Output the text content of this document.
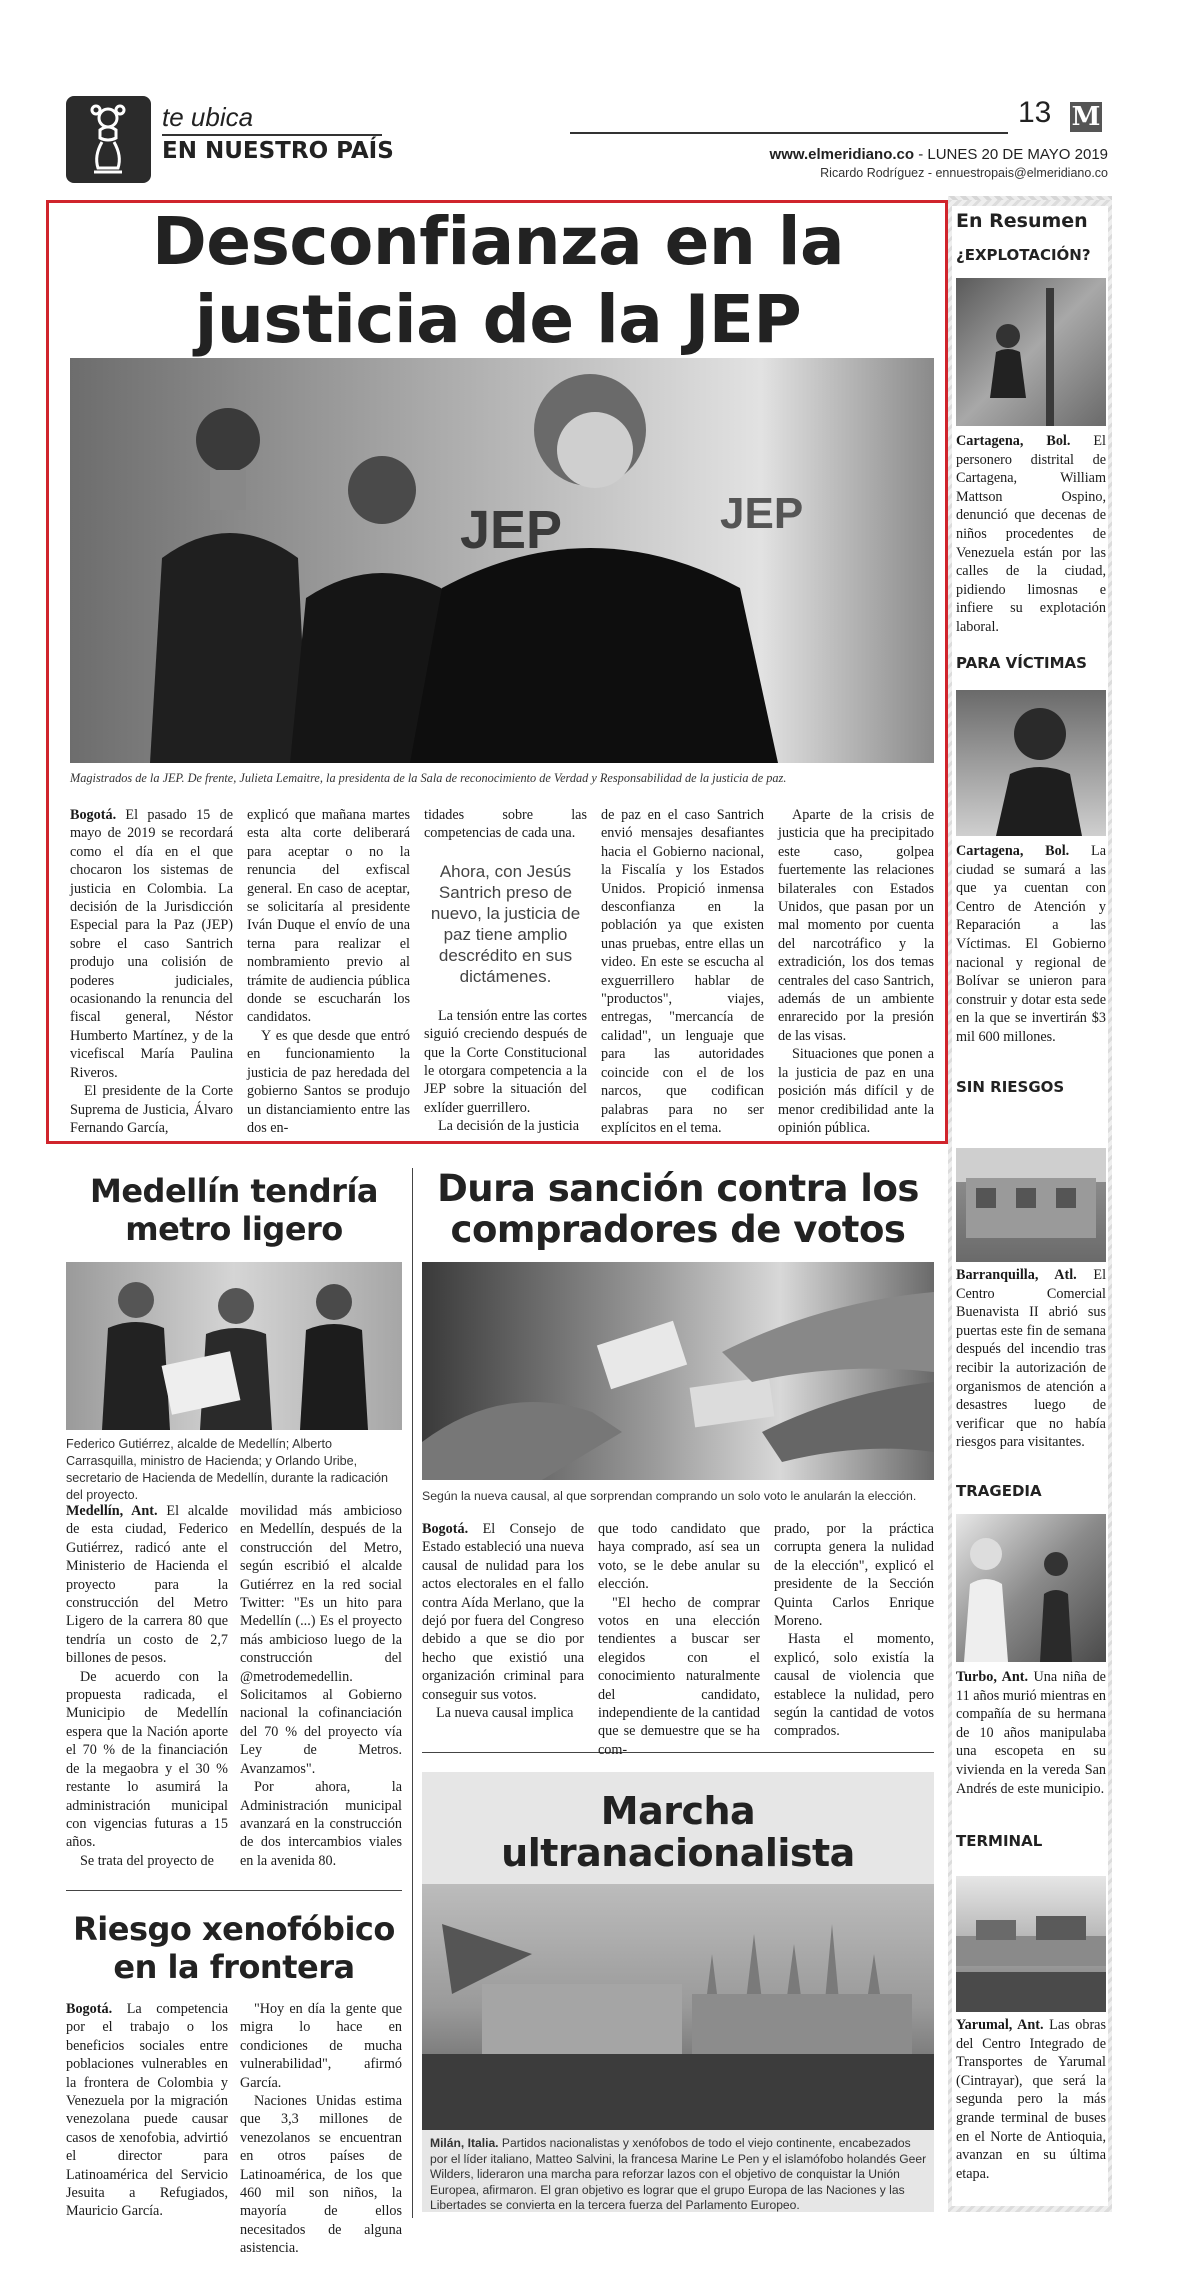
te ubica
EN NUESTRO PAÍS
13 M
www.elmeridiano.co - LUNES 20 DE MAYO 2019
Ricardo Rodríguez - ennuestropais@elmeridiano.co
Desconfianza en la
justicia de la JEP
JEP	JEP
Magistrados de la JEP. De frente, Julieta Lemaitre, la presidenta de la Sala de reconocimiento de Verdad y Responsabilidad de la justicia de paz.

Bogotá. El pasado 15 de mayo de 2019 se recordará como el día en el que chocaron los sistemas de justicia en Colombia. La decisión de la Jurisdicción Especial para la Paz (JEP) sobre el caso Santrich produjo una colisión de poderes judiciales, ocasionando la renuncia del fiscal general, Néstor Humberto Martínez, y de la vicefiscal María Paulina Riveros.

El presidente de la Corte Suprema de Justicia, Álvaro Fernando García,

explicó que mañana martes esta alta corte deliberará para aceptar o no la renuncia del exfiscal general. En caso de aceptar, se solicitaría al presidente Iván Duque el envío de una terna para realizar el nombramiento previo al trámite de audiencia pública donde se escucharán los candidatos.

Y es que desde que entró en funcionamiento la justicia de paz heredada del gobierno Santos se produjo un distanciamiento entre las dos en-

tidades sobre las competencias de cada una.

Ahora, con Jesús Santrich preso de nuevo, la justicia de paz tiene amplio descrédito en sus dictámenes.

La tensión entre las cortes siguió creciendo después de que la Corte Constitucional le otorgara competencia a la JEP sobre la situación del exlíder guerrillero.

La decisión de la justicia

de paz en el caso Santrich envió mensajes desafiantes hacia el Gobierno nacional, la Fiscalía y los Estados Unidos. Propició inmensa desconfianza en la población ya que existen unas pruebas, entre ellas un video. En este se escucha al exguerrillero hablar de "productos", viajes, entregas, "mercancía de calidad", un lenguaje que para las autoridades coincide con el de los narcos, que codifican palabras para no ser explícitos en el tema.

Aparte de la crisis de justicia que ha precipitado este caso, golpea fuertemente las relaciones bilaterales con Estados Unidos, que pasan por un mal momento por cuenta del narcotráfico y la extradición, los dos temas centrales del caso Santrich, además de un ambiente enrarecido por la presión de las visas.

Situaciones que ponen a la justicia de paz en una posición más difícil y de menor credibilidad ante la opinión pública.

Medellín tendría
metro ligero
Federico Gutiérrez, alcalde de Medellín; Alberto Carrasquilla, ministro de Hacienda; y Orlando Uribe, secretario de Hacienda de Medellín, durante la radicación del proyecto.

Medellín, Ant. El alcalde de esta ciudad, Federico Gutiérrez, radicó ante el Ministerio de Hacienda el proyecto para la construcción del Metro Ligero de la carrera 80 que tendría un costo de 2,7 billones de pesos.

De acuerdo con la propuesta radicada, el Municipio de Medellín espera que la Nación aporte el 70 % de la financiación de la megaobra y el 30 % restante lo asumirá la administración municipal con vigencias futuras a 15 años.

Se trata del proyecto de

movilidad más ambicioso en Medellín, después de la construcción del Metro, según escribió el alcalde Gutiérrez en la red social Twitter: "Es un hito para Medellín (...) Es el proyecto más ambicioso luego de la construcción del @metrodemedellin. Solicitamos al Gobierno nacional la cofinanciación del 70 % del proyecto vía Ley de Metros. Avanzamos".

Por ahora, la Administración municipal avanzará en la construcción de dos intercambios viales en la avenida 80.

Riesgo xenofóbico
en la frontera

Bogotá. La competencia por el trabajo o los beneficios sociales entre poblaciones vulnerables en la frontera de Colombia y Venezuela por la migración venezolana puede causar casos de xenofobia, advirtió el director para Latinoamérica del Servicio Jesuita a Refugiados, Mauricio García.

"Hoy en día la gente que migra lo hace en condiciones de mucha vulnerabilidad", afirmó García.

Naciones Unidas estima que 3,3 millones de venezolanos se encuentran en otros países de Latinoamérica, de los que 460 mil son niños, la mayoría de ellos necesitados de alguna asistencia.

Dura sanción contra los
compradores de votos
Según la nueva causal, al que sorprendan comprando un solo voto le anularán la elección.

Bogotá. El Consejo de Estado estableció una nueva causal de nulidad para los actos electorales en el fallo contra Aída Merlano, que la dejó por fuera del Congreso debido a que se dio por hecho que existió una organización criminal para conseguir sus votos.

La nueva causal implica

que todo candidato que haya comprado, así sea un voto, se le debe anular su elección.

"El hecho de comprar votos en una elección tendientes a buscar ser elegidos con el conocimiento naturalmente del candidato, independiente de la cantidad que se demuestre que se ha com-

prado, por la práctica corrupta genera la nulidad de la elección", explicó el presidente de la Sección Quinta Carlos Enrique Moreno.

Hasta el momento, explicó, solo existía la causal de violencia que establece la nulidad, pero según la cantidad de votos comprados.

Marcha
ultranacionalista
Milán, Italia. Partidos nacionalistas y xenófobos de todo el viejo continente, encabezados por el líder italiano, Matteo Salvini, la francesa Marine Le Pen y el islamófobo holandés Geer Wilders, lideraron una marcha para reforzar lazos con el objetivo de conquistar la Unión Europea, afirmaron. El gran objetivo es lograr que el grupo Europa de las Naciones y las Libertades se convierta en la tercera fuerza del Parlamento Europeo.
En Resumen
¿EXPLOTACIÓN?
Cartagena, Bol. El personero distrital de Cartagena, William Mattson Ospino, denunció que decenas de niños procedentes de Venezuela están por las calles de la ciudad, pidiendo limosnas e infiere su explotación laboral.
PARA VÍCTIMAS
Cartagena, Bol. La ciudad se sumará a las que ya cuentan con Centro de Atención y Reparación a las Víctimas. El Gobierno nacional y regional de Bolívar se unieron para construir y dotar esta sede en la que se invertirán $3 mil 600 millones.
SIN RIESGOS
Barranquilla, Atl. El Centro Comercial Buenavista II abrió sus puertas este fin de semana después del incendio tras recibir la autorización de organismos de atención a desastres luego de verificar que no había riesgos para visitantes.
TRAGEDIA
Turbo, Ant. Una niña de 11 años murió mientras en compañía de su hermana de 10 años manipulaba una escopeta en su vivienda en la vereda San Andrés de este municipio.
TERMINAL
Yarumal, Ant. Las obras del Centro Integrado de Transportes de Yarumal (Cintrayar), que será la segunda pero la más grande terminal de buses en el Norte de Antioquia, avanzan en su última etapa.
